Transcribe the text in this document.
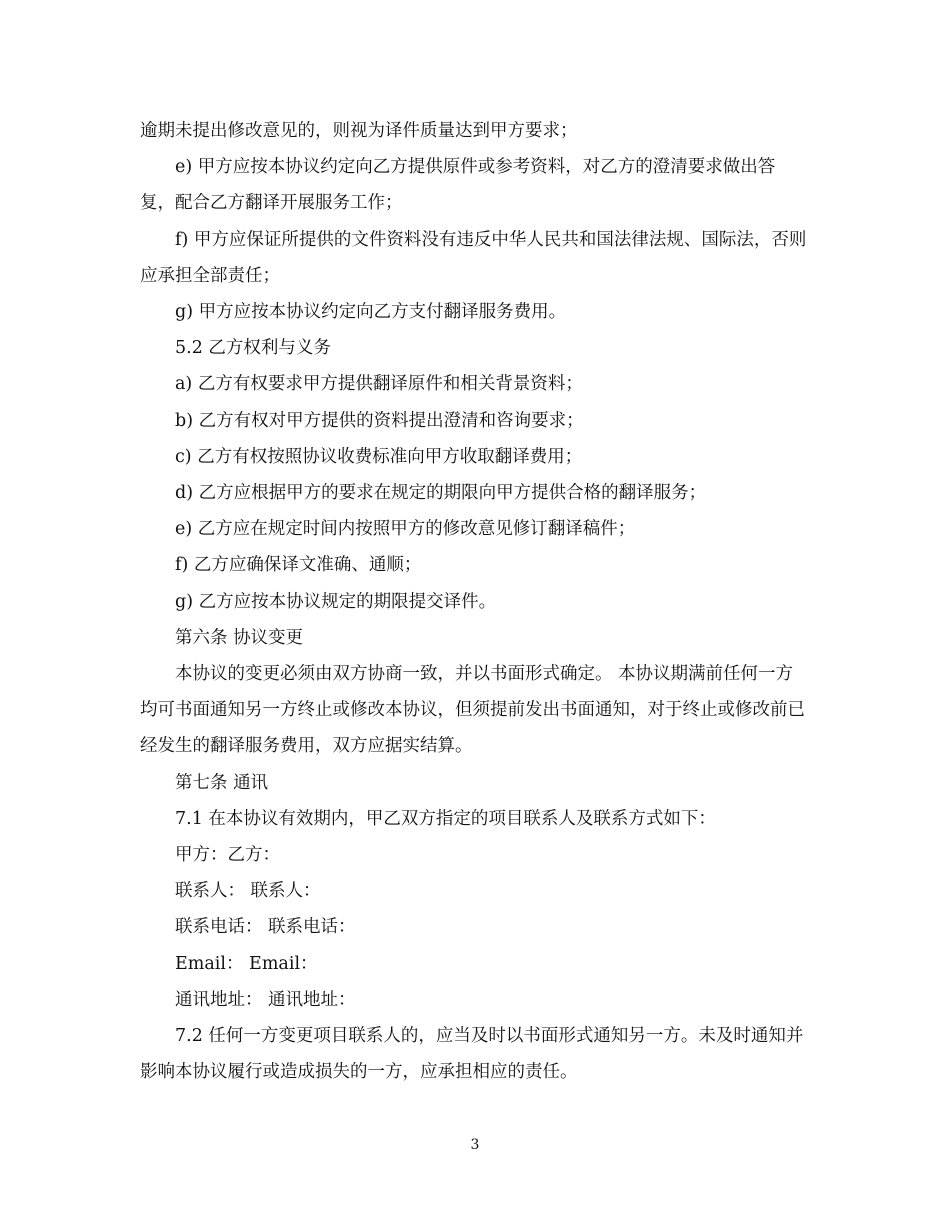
逾期未提出修改意见的，则视为译件质量达到甲方要求；

e) 甲方应按本协议约定向乙方提供原件或参考资料，对乙方的澄清要求做出答复，配合乙方翻译开展服务工作；

f) 甲方应保证所提供的文件资料没有违反中华人民共和国法律法规、国际法，否则应承担全部责任；

g) 甲方应按本协议约定向乙方支付翻译服务费用。

5.2 乙方权利与义务

a) 乙方有权要求甲方提供翻译原件和相关背景资料；

b) 乙方有权对甲方提供的资料提出澄清和咨询要求；

c) 乙方有权按照协议收费标准向甲方收取翻译费用；

d) 乙方应根据甲方的要求在规定的期限向甲方提供合格的翻译服务；

e) 乙方应在规定时间内按照甲方的修改意见修订翻译稿件；

f) 乙方应确保译文准确、通顺；

g) 乙方应按本协议规定的期限提交译件。

第六条 协议变更

本协议的变更必须由双方协商一致，并以书面形式确定。 本协议期满前任何一方均可书面通知另一方终止或修改本协议，但须提前发出书面通知，对于终止或修改前已经发生的翻译服务费用，双方应据实结算。

第七条 通讯

7.1 在本协议有效期内，甲乙双方指定的项目联系人及联系方式如下：

甲方：乙方：

联系人： 联系人：

联系电话： 联系电话：

Email： Email：

通讯地址： 通讯地址：

7.2 任何一方变更项目联系人的，应当及时以书面形式通知另一方。未及时通知并影响本协议履行或造成损失的一方，应承担相应的责任。

3
